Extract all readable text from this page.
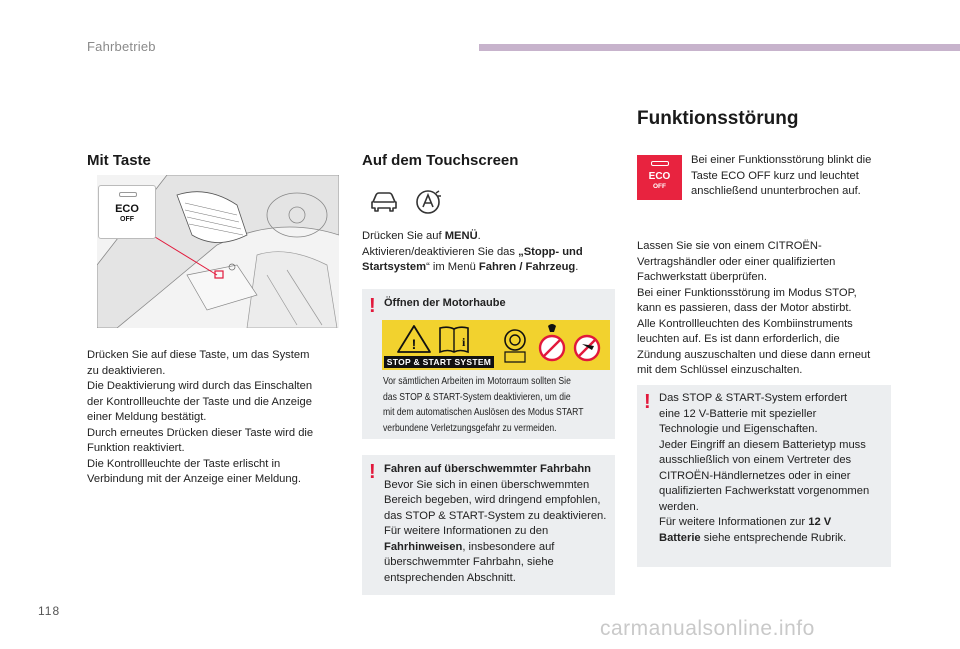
Fahrbetrieb
Mit Taste
ECO
OFF
Drücken Sie auf diese Taste, um das System
zu deaktivieren.
Die Deaktivierung wird durch das Einschalten
der Kontrollleuchte der Taste und die Anzeige
einer Meldung bestätigt.
Durch erneutes Drücken dieser Taste wird die
Funktion reaktiviert.
Die Kontrollleuchte der Taste erlischt in
Verbindung mit der Anzeige einer Meldung.
Auf dem Touchscreen
Drücken Sie auf MENÜ.
Aktivieren/deaktivieren Sie das „Stopp- und
Startsystem“ im Menü Fahren / Fahrzeug.
! Öffnen der Motorhaube
!	i
STOP & START SYSTEM
Vor sämtlichen Arbeiten im Motorraum sollten Sie
das STOP & START-System deaktivieren, um die
mit dem automatischen Auslösen des Modus START
verbundene Verletzungsgefahr zu vermeiden.
! Fahren auf überschwemmter Fahrbahn
Bevor Sie sich in einen überschwemmten
Bereich begeben, wird dringend empfohlen,
das STOP & START-System zu deaktivieren.
Für weitere Informationen zu den
Fahrhinweisen, insbesondere auf
überschwemmter Fahrbahn, siehe
entsprechenden Abschnitt.
Funktionsstörung
ECO
OFF
Bei einer Funktionsstörung blinkt die
Taste ECO OFF kurz und leuchtet
anschließend ununterbrochen auf.
Lassen Sie sie von einem CITROËN-
Vertragshändler oder einer qualifizierten
Fachwerkstatt überprüfen.
Bei einer Funktionsstörung im Modus STOP,
kann es passieren, dass der Motor abstirbt.
Alle Kontrollleuchten des Kombiinstruments
leuchten auf. Es ist dann erforderlich, die
Zündung auszuschalten und diese dann erneut
mit dem Schlüssel einzuschalten.
! Das STOP & START-System erfordert
eine 12 V-Batterie mit spezieller
Technologie und Eigenschaften.
Jeder Eingriff an diesem Batterietyp muss
ausschließlich von einem Vertreter des
CITROËN-Händlernetzes oder in einer
qualifizierten Fachwerkstatt vorgenommen
werden.
Für weitere Informationen zur 12 V
Batterie siehe entsprechende Rubrik.
118
carmanualsonline.info
